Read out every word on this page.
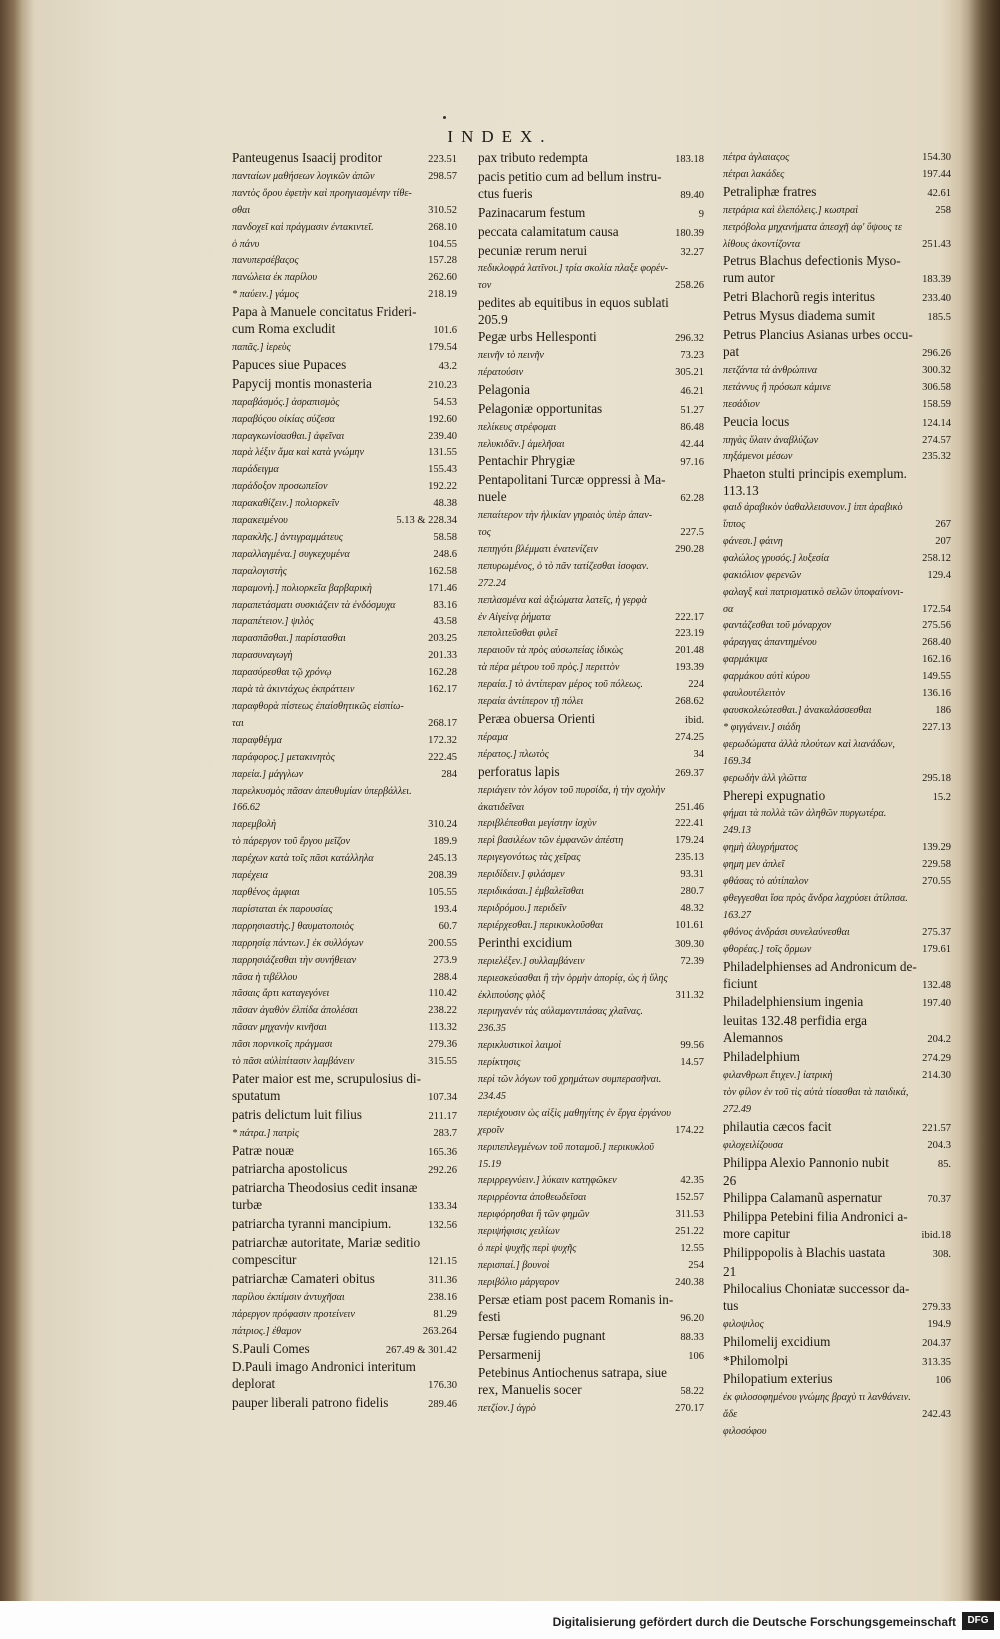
INDEX.
Panteugenus Isaacij proditor	223.51
πανταίων μαθήσεων λογικῶν ἀπῶν	298.57
παντὸς ὅρου ἐφετὴν καὶ προηγιασμένην τίθε-
σθαι	310.52
πανδοχεῖ καὶ πράγμασιν ἐντακιντεῖ.	268.10
ὁ πάνυ	104.55
πανυπερσέβαςος	157.28
πανώλεια ἐκ παρίλου	262.60
* παύειν.] γάμος	218.19
Papa à Manuele concitatus Frideri-
cum Roma excludit	101.6
παπᾶς.] ἱερεὺς	179.54
Papuces siue Pupaces	43.2
Papycij montis monasteria	210.23
παραβάσμός.] ἀσραπισμὸς	54.53
παραβύςου οἰκίας σύζεσα	192.60
παραγκωνίσασθαι.] ἀφεῖναι	239.40
παρὰ λέξιν ἅμα καὶ κατὰ γνώμην	131.55
παράδειγμα	155.43
παράδοξον προσωπεῖον	192.22
παρακαθίζειν.] πολιορκεῖν	48.38
παρακειμένου	5.13 & 228.34
παρακλῆς.] ἀντιγραμμάτευς	58.58
παραλλαγμένα.] συγκεχυμένα	248.6
παραλογιστὴς	162.58
παραμονὴ.] πολιορκεῖα βαρβαρικὴ	171.46
παραπετάσματι συσκιάζειν τὰ ἐνδόσμυχα	83.16
παραπέτειον.] ψιλὸς	43.58
παρασπᾶσθαι.] παρίστασθαι	203.25
παρασυναγωγὴ	201.33
παρασύρεσθαι τῷ χρόνῳ	162.28
παρὰ τὰ ἀκιντάχως ἐκπράττειν	162.17
παραφθορὰ πίστεως ἐπαίσθητικῶς εἰσπίω-
ται	268.17
παραφθέγμα	172.32
παράφορος.] μετακινητὸς	222.45
παρεία.] μάγγλων	284
παρελκυσμὸς πᾶσαν ἀπευθυμίαν ὑπερβάλλει.
166.62
παρεμβολὴ	310.24
τὸ πάρεργον τοῦ ἔργου μεῖζον	189.9
παρέχων κατὰ τοῖς πᾶσι κατάλληλα	245.13
παρέχεια	208.39
παρθένος ἀμφιαι	105.55
παρίσταται ἐκ παρουσίας	193.4
παρρησιαστὴς.] θαυματοποιὸς	60.7
παρρησίᾳ πάντων.] ἐκ συλλόγων	200.55
παρρησιάζεσθαι τὴν συνήθειαν	273.9
πᾶσα ἡ τιβέλλου	288.4
πᾶσαις ἄρτι καταγεγόνει	110.42
πᾶσαν ἀγαθὸν ἐλπίδα ἀπολέσαι	238.22
πᾶσαν μηχανὴν κινῆσαι	113.32
πᾶσι πορνικοῖς πράγμασι	279.36
τὸ πᾶσι αὐλὶπίτασιν λαμβάνειν	315.55
Pater maior est me, scrupulosius di-
sputatum	107.34
patris delictum luit filius	211.17
* πάτρα.] πατρὶς	283.7
Patræ nouæ	165.36
patriarcha apostolicus	292.26
patriarcha Theodosius cedit insanæ
turbæ	133.34
patriarcha tyranni mancipium.	132.56
patriarchæ autoritate, Mariæ seditio
compescitur	121.15
patriarchæ Camateri obitus	311.36
παρίλου ἐκπίμσιν ἀντυχῆσαι	238.16
πάρεργον πρόφασιν προτείνειν	81.29
πάτριος.] ἐθαμον	263.264
S.Pauli Comes	267.49 & 301.42
D.Pauli imago Andronici interitum
deplorat	176.30
pauper liberali patrono fidelis	289.46
pax tributo redempta	183.18
pacis petitio cum ad bellum instru-
ctus fueris	89.40
Pazinacarum festum	9
peccata calamitatum causa	180.39
pecuniæ rerum nerui	32.27
πεδικλοφρά λατῖνοι.] τρία σκολία πλαξε φορέν-
τον	258.26
pedites ab equitibus in equos sublati
205.9
Pegæ urbs Hellesponti	296.32
πεινῆν τὸ πεινῆν	73.23
πέρατούσιν	305.21
Pelagonia	46.21
Pelagoniæ opportunitas	51.27
πελίκευς στρέφομαι	86.48
πελυκιδᾶν.] ἀμελῆσαι	42.44
Pentachir Phrygiæ	97.16
Pentapolitani Turcæ oppressi à Ma-
nuele	62.28
πεπαίτερον τὴν ἡλικίαν γηραιὸς ὑπὲρ ἀπαν-
τος	227.5
πεπηγότι βλέμματι ἐνατενίζειν	290.28
πεπυρωμένος, ὁ τὸ πᾶν τατίζεσθαι ἰσοφαν.
272.24
πεπλασμένα καὶ ἀξιώματα λατεῖς, ἡ γερφὰ
ἐν Αἰγείνᾳ ῥήματα	222.17
πεπολιτεῦσθαι φιλεῖ	223.19
περαιοῦν τὰ πρὸς αὐσωπείας ἰδικὼς	201.48
τὰ πέρα μέτρου τοῦ πρὸς.] περιττὸν	193.39
περαία.] τὸ ἀντίπεραν μέρος τοῦ πόλεως.	224
περαία ἀντίπερον τῇ πόλει	268.62
Peræa obuersa Orienti	ibid.
πέραμα	274.25
πέρατος.] πλωτὸς	34
perforatus lapis	269.37
περιάγειν τὸν λόγον τοῦ πυρσίδα, ἡ τὴν σχολὴν
ἀκατιδεῖναι	251.46
περιβλέπεσθαι μεγίστην ἰσχὺν	222.41
περὶ βασιλέων τῶν ἐμφανῶν ἀπέστη	179.24
περιγεγονότως τὰς χεῖρας	235.13
περιδίδειν.] φιλάσμεν	93.31
περιδικάσαι.] ἐμβαλεῖσθαι	280.7
περιδρόμου.] περιδεῖν	48.32
περιέρχεσθαι.] περικυκλοῦσθαι	101.61
Perinthi excidium	309.30
περιελέξεν.] συλλαμβάνειν	72.39
περιεσκεύασθαι ἢ τὴν ὁρμὴν ἀπορίᾳ, ὡς ἡ ὕλης
ἐκλιπούσης φλὸξ	311.32
περιηγανέν τὰς αὐλαμαντιπάσας χλαῖνας.
236.35
περικλυστικοὶ λαιμοὶ	99.56
περίκτησις	14.57
περὶ τῶν λόγων τοῦ χρημάτων συμπερασῆναι.
234.45
περιέχουσιν ὡς αἰξὶς μαθηγίτης ἐν ἔργα ἐργάνου
χεροῖν	174.22
περιπεπλεγμένων τοῦ ποταμοῦ.] περικυκλοῦ
15.19
περιρρεγνύειν.] λύκαιν κατηφῶκεν	42.35
περιρρέοντα ἀποθεωδεῖσαι	152.57
περιφόρησθαι ἢ τῶν φημῶν	311.53
περιψήφισις χειλίων	251.22
ὁ περὶ ψυχῆς περὶ ψυχῆς	12.55
περισπαί.] βουνοὶ	254
περιβόλιο μάργαρον	240.38
Persæ etiam post pacem Romanis in-
festi	96.20
Persæ fugiendo pugnant	88.33
Persarmenij	106
Petebinus Antiochenus satrapa, siue
rex, Manuelis socer	58.22
πετζίον.] ἀγρὸ	270.17
πέτρα ἀγλαιαςος	154.30
πέτραι λακάδες	197.44
Petraliphæ fratres	42.61
πετράρια καὶ ἑλεπόλεις.] κωστραὶ	258
πετρόβολα μηχανήματα ἀπεσχῆ ἀφ' ὕψους τε
λίθους ἀκοντίζοντα	251.43
Petrus Blachus defectionis Myso-
rum autor	183.39
Petri Blachorũ regis interitus	233.40
Petrus Mysus diadema sumit	185.5
Petrus Plancius Asianas urbes occu-
pat	296.26
πετζάντα τὰ ἀνθρώπινα	300.32
πετάννυς ἢ πρόσωπ κάμινε	306.58
πεσάδιον	158.59
Peucia locus	124.14
πηγὰς ὕλαιν ἀναβλύζων	274.57
πηξάμενοι μέσων	235.32
Phaeton stulti principis exemplum.
113.13
φαιδ ἀραβικὸν ὑαθαλλεισυνον.] ἱππ ἀραβικὸ
ἵππος	267
φάνεσι.] φάινη	207
φαλώλος γρυσός.] λυξεσία	258.12
φακιόλιον φερενῶν	129.4
φαλαγξ καὶ πατρισματικὸ σελῶν ὑποφαίνονι-
σα	172.54
φαντάζεσθαι τοῦ μόναρχον	275.56
φάραγγας ἀπαντημένου	268.40
φαρμάκιμα	162.16
φαρμάκου αὐτὶ κύρου	149.55
φαυλουτέλειτὸν	136.16
φαυσκολεώτεσθαι.] ἀνακαλάσσεσθαι	186
* φιγγάνειν.] σιάδη	227.13
φερωδώματα ἀλλὰ πλούτων καὶ λιανάδων,
169.34
φερωδὴν ἀλλ γλῶττα	295.18
Pherepi expugnatio	15.2
φήμαι τὰ πολλὰ τῶν ἀληθῶν πυργωτέρα.
249.13
φημὴ ἀλυγρήματος	139.29
φημη μεν ἀπλεῖ	229.58
φθάσας τὸ αὐτίπαλον	270.55
φθεγγεσθαι ἴσα πρὸς ἄνδρα λαχρύσει ἀτίλπσα.
163.27
φθόνος ἀνδράσι συνελαύνεσθαι	275.37
φθορέας.] τοῖς ὄρμων	179.61
Philadelphienses ad Andronicum de-
ficiunt	132.48
Philadelphiensium ingenia	197.40
leuitas 132.48 perfidia erga
Alemannos	204.2
Philadelphium	274.29
φιλανθρωπ ἔτιχεν.] ἰατρικὴ	214.30
τὸν φίλον ἐν τοῦ τὶς αὐτὰ τίσασθαι τὰ παιδικά,
272.49
philautia cæcos facit	221.57
φιλοχειλίζουσα	204.3
Philippa Alexio Pannonio nubit	85.
26
Philippa Calamanũ aspernatur	70.37
Philippa Petebini filia Andronici a-
more capitur	ibid.18
Philippopolis à Blachis uastata	308.
21
Philocalius Choniatæ successor da-
tus	279.33
φιλοψιλος	194.9
Philomelij excidium	204.37
*Philomolpi	313.35
Philopatium exterius	106
ἐκ φιλοσοφημένου γνώμης βραχὺ τι λανθάνειν.
ἄδε	242.43
φιλοσόφου
Digitalisierung gefördert durch die Deutsche Forschungsgemeinschaft	DFG
